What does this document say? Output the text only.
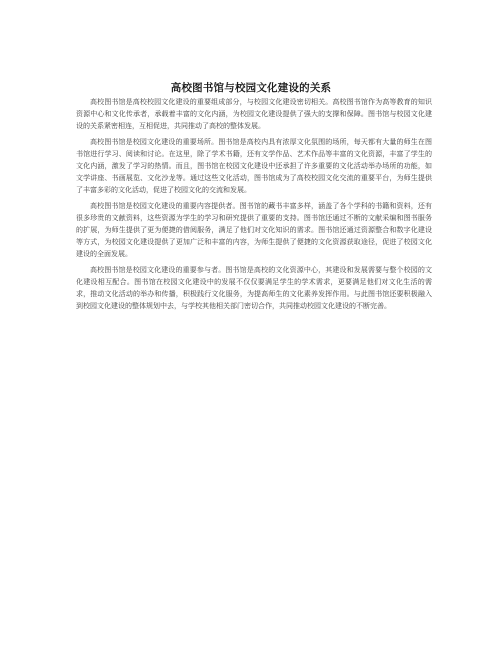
高校图书馆与校园文化建设的关系

高校图书馆是高校校园文化建设的重要组成部分，与校园文化建设密切相关。高校图书馆作为高等教育的知识资源中心和文化传承者，承载着丰富的文化内涵，为校园文化建设提供了强大的支撑和保障。图书馆与校园文化建设的关系紧密相连，互相促进，共同推动了高校的整体发展。

高校图书馆是校园文化建设的重要场所。图书馆是高校内具有浓厚文化氛围的场所，每天都有大量的师生在图书馆进行学习、阅读和讨论。在这里，除了学术书籍，还有文学作品、艺术作品等丰富的文化资源，丰富了学生的文化内涵，激发了学习的热情。而且，图书馆在校园文化建设中还承担了许多重要的文化活动举办场所的功能，如文学讲座、书画展览、文化沙龙等。通过这些文化活动，图书馆成为了高校校园文化交流的重要平台，为师生提供了丰富多彩的文化活动，促进了校园文化的交流和发展。

高校图书馆是校园文化建设的重要内容提供者。图书馆的藏书丰富多样，涵盖了各个学科的书籍和资料，还有很多珍贵的文献资料，这些资源为学生的学习和研究提供了重要的支持。图书馆还通过不断的文献采编和图书服务的扩展，为师生提供了更为便捷的借阅服务，满足了他们对文化知识的需求。图书馆还通过资源整合和数字化建设等方式，为校园文化建设提供了更加广泛和丰富的内容，为师生提供了便捷的文化资源获取途径，促进了校园文化建设的全面发展。

高校图书馆是校园文化建设的重要参与者。图书馆是高校的文化资源中心，其建设和发展需要与整个校园的文化建设相互配合。图书馆在校园文化建设中的发展不仅仅要满足学生的学术需求，更要满足他们对文化生活的需求，推动文化活动的举办和传播，积极践行文化服务，为提高师生的文化素养发挥作用。与此图书馆还要积极融入到校园文化建设的整体规划中去，与学校其他相关部门密切合作，共同推动校园文化建设的不断完善。
